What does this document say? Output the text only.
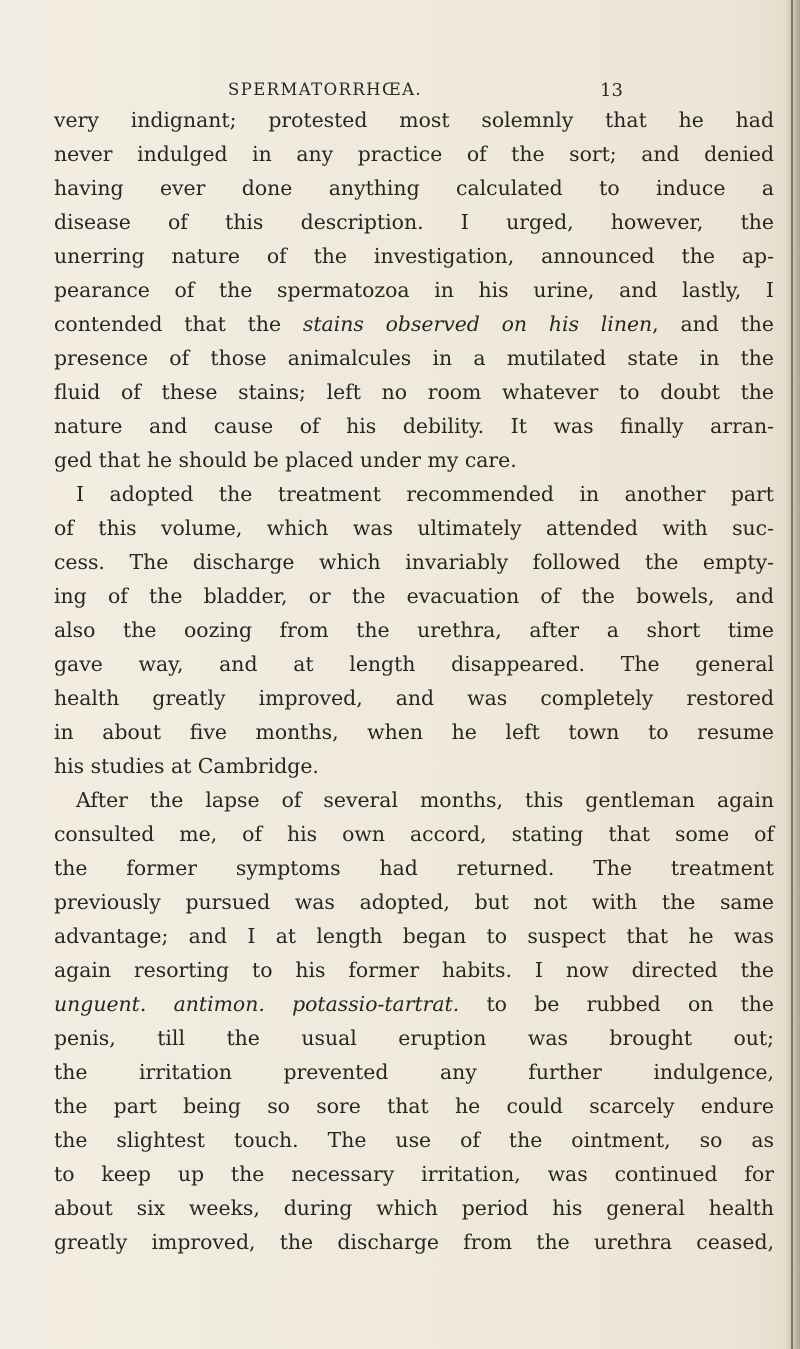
SPERMATORRHŒA.	13
very indignant; protested most solemnly that he had
never indulged in any practice of the sort; and denied
having ever done anything calculated to induce a
disease of this description. I urged, however, the
unerring nature of the investigation, announced the ap-
pearance of the spermatozoa in his urine, and lastly, I
contended that the stains observed on his linen, and the
presence of those animalcules in a mutilated state in the
fluid of these stains; left no room whatever to doubt the
nature and cause of his debility. It was finally arran-
ged that he should be placed under my care.
I adopted the treatment recommended in another part
of this volume, which was ultimately attended with suc-
cess. The discharge which invariably followed the empty-
ing of the bladder, or the evacuation of the bowels, and
also the oozing from the urethra, after a short time
gave way, and at length disappeared. The general
health greatly improved, and was completely restored
in about five months, when he left town to resume
his studies at Cambridge.
After the lapse of several months, this gentleman again
consulted me, of his own accord, stating that some of
the former symptoms had returned. The treatment
previously pursued was adopted, but not with the same
advantage; and I at length began to suspect that he was
again resorting to his former habits. I now directed the
unguent. antimon. potassio-tartrat. to be rubbed on the
penis, till the usual eruption was brought out;
the irritation prevented any further indulgence,
the part being so sore that he could scarcely endure
the slightest touch. The use of the ointment, so as
to keep up the necessary irritation, was continued for
about six weeks, during which period his general health
greatly improved, the discharge from the urethra ceased,
